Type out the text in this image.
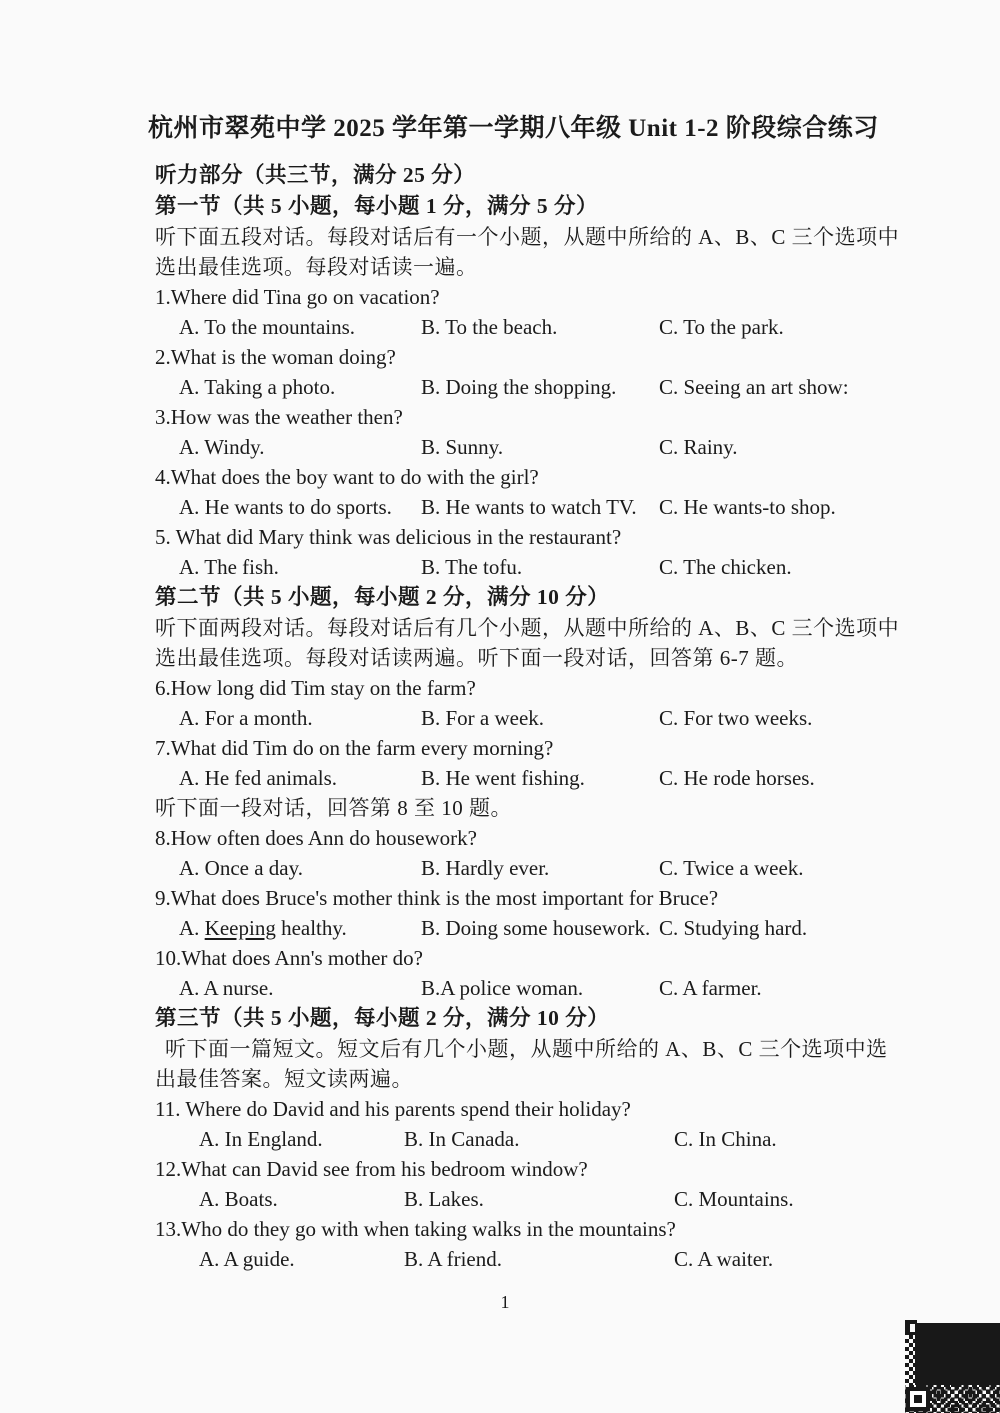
杭州市翠苑中学 2025 学年第一学期八年级 Unit 1-2 阶段综合练习
听力部分（共三节，满分 25 分）
第一节（共 5 小题，每小题 1 分，满分 5 分）
听下面五段对话。每段对话后有一个小题，从题中所给的 A、B、C 三个选项中
选出最佳选项。每段对话读一遍。
1.Where did Tina go on vacation?
A. To the mountains.	B. To the beach.	C. To the park.
2.What is the woman doing?
A. Taking a photo.	B. Doing the shopping.	C. Seeing an art show:
3.How was the weather then?
A. Windy.	B. Sunny.	C. Rainy.
4.What does the boy want to do with the girl?
A. He wants to do sports.	B. He wants to watch TV.	C. He wants-to shop.
5. What did Mary think was delicious in the restaurant?
A. The fish.	B. The tofu.	C. The chicken.
第二节（共 5 小题，每小题 2 分，满分 10 分）
听下面两段对话。每段对话后有几个小题，从题中所给的 A、B、C 三个选项中
选出最佳选项。每段对话读两遍。听下面一段对话，回答第 6-7 题。
6.How long did Tim stay on the farm?
A. For a month.	B. For a week.	C. For two weeks.
7.What did Tim do on the farm every morning?
A. He fed animals.	B. He went fishing.	C. He rode horses.
听下面一段对话，回答第 8 至 10 题。
8.How often does Ann do housework?
A. Once a day.	B. Hardly ever.	C. Twice a week.
9.What does Bruce's mother think is the most important for Bruce?
A. Keeping healthy.	B. Doing some housework. C. Studying hard.
10.What does Ann's mother do?
A. A nurse.	B.A police woman.	C. A farmer.
第三节（共 5 小题，每小题 2 分，满分 10 分）
听下面一篇短文。短文后有几个小题，从题中所给的 A、B、C 三个选项中选
出最佳答案。短文读两遍。
11. Where do David and his parents spend their holiday?
A. In England.	B. In Canada.	C. In China.
12.What can David see from his bedroom window?
A. Boats.	B. Lakes.	C. Mountains.
13.Who do they go with when taking walks in the mountains?
A. A guide.	B. A friend.	C. A waiter.
1
